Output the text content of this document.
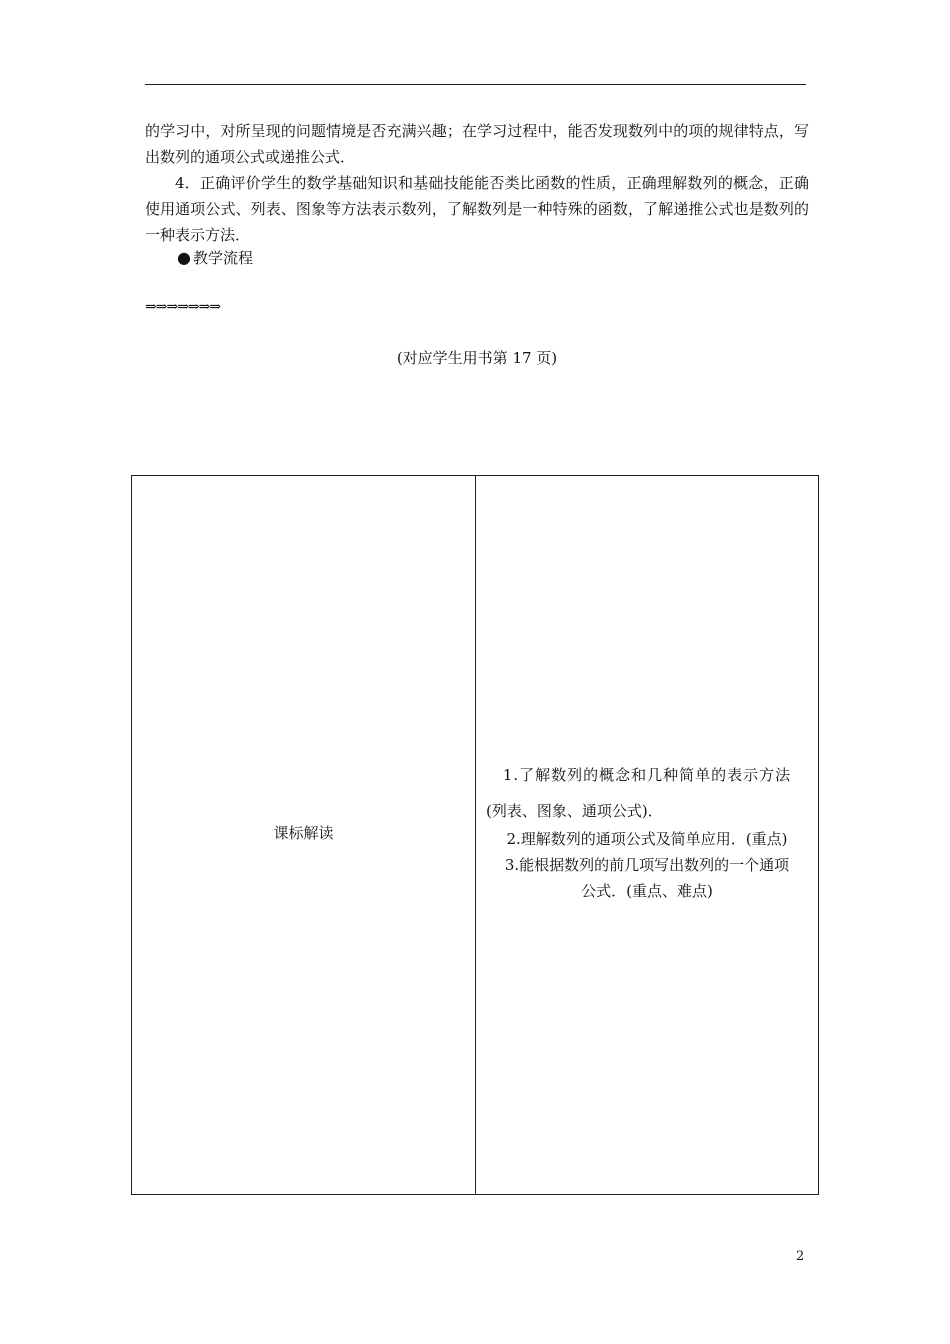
的学习中，对所呈现的问题情境是否充满兴趣；在学习过程中，能否发现数列中的项的规律特点，写出数列的通项公式或递推公式．

4．正确评价学生的数学基础知识和基础技能能否类比函数的性质，正确理解数列的概念，正确使用通项公式、列表、图象等方法表示数列，了解数列是一种特殊的函数，了解递推公式也是数列的一种表示方法．

● 教学流程
⇒⇒⇒⇒⇒⇒⇒
(对应学生用书第 17 页)
课标解读
1.了解数列的概念和几种简单的表示方法
(列表、图象、通项公式)．
2.理解数列的通项公式及简单应用．(重点)
3.能根据数列的前几项写出数列的一个通项
公式．(重点、难点)
2
